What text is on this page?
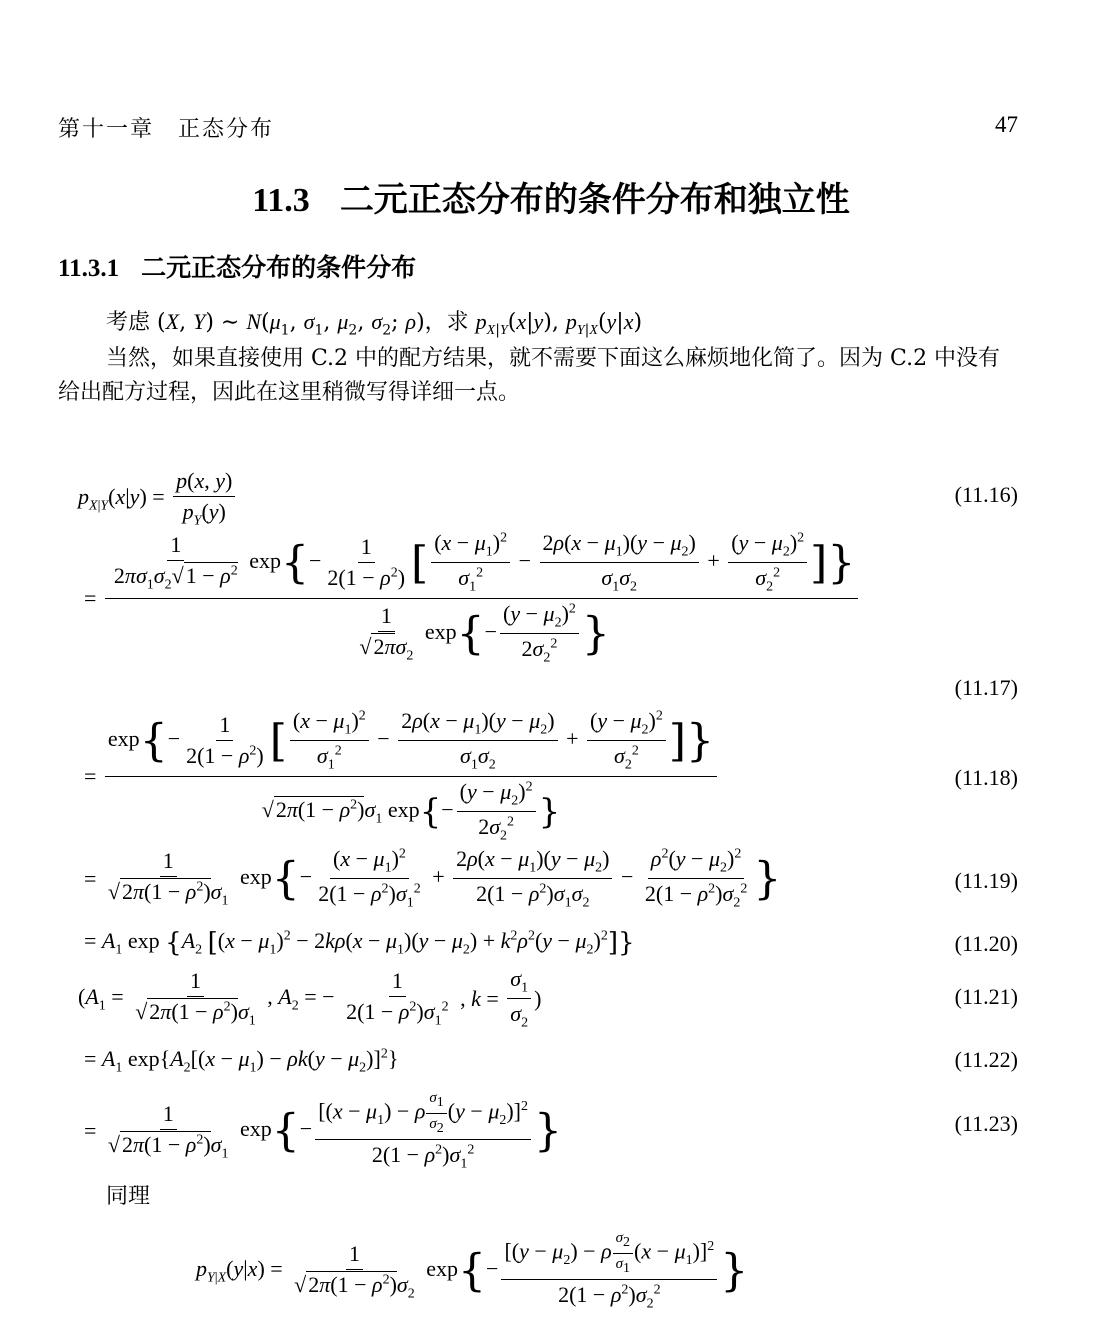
第十一章　正态分布	47
11.3 二元正态分布的条件分布和独立性
11.3.1 二元正态分布的条件分布
考虑 (X, Y) ∼ $N(\mu_1$, $\sigma_1$, $\mu_2$, $\sigma_2$; ρ)，求 $p_{X|Y}(x|y)$, $p_{Y|X}(y|x)$
当然，如果直接使用 C.2 中的配方结果，就不需要下面这么麻烦地化简了。因为 C.2 中没有给出配方过程，因此在这里稍微写得详细一点。
$p_{X|Y}(x|y) = \frac{p(x, y)}{p_Y(y)}$	(11.16)
=
$\frac{1}{2\pi\sigma_1\sigma_2√1 - \rho^2} \exp\{- \frac{1}{2(1 - \rho^2)}$ [ $\frac{(x - \mu_1)^2}{\sigma_1^2} - \frac{2\rho(x - \mu_1)(y - \mu_2)}{\sigma_1\sigma_2} + \frac{(y - \mu_2)^2}{\sigma_2^2}$ ]}
$\frac{1}{√2\pi\sigma_2} \exp\{- \frac{(y - \mu_2)^2}{2\sigma_2^2}$ }
(11.17)
=
$\exp\{- \frac{1}{2(1 - \rho^2)}$ [ $\frac{(x - \mu_1)^2}{\sigma_1^2} - \frac{2\rho(x - \mu_1)(y - \mu_2)}{\sigma_1\sigma_2} + \frac{(y - \mu_2)^2}{\sigma_2^2}$ ]}
$√2\pi(1 - \rho^2)\sigma_1$ $\exp\{- \frac{(y - \mu_2)^2}{2\sigma_2^2}$ }
(11.18)
= $\frac{1}{√2\pi(1 - \rho^2)\sigma_1} \exp\{- \frac{(x - \mu_1)^2}{2(1 - \rho^2)\sigma_1^2} + \frac{2\rho(x - \mu_1)(y - \mu_2)}{2(1 - \rho^2)\sigma_1\sigma_2} - \frac{\rho^2(y - \mu_2)^2}{2(1 - \rho^2)\sigma_2^2}$ }	(11.19)
= $A_1$ $\exp \{A_2$ $[(x - \mu_1)^2 - 2k\rho(x - \mu_1)(y - \mu_2) + k^2\rho^2(y - \mu_2)^2]$}	(11.20)
($A_1 = \frac{1}{√2\pi(1 - \rho^2)\sigma_1}$ , $A_2$ = − $\frac{1}{2(1 - \rho^2)\sigma_1^2}$ , $k = \frac{\sigma_1}{\sigma_2}$ )	(11.21)
= $A_1$ $\exp\{A_2[(x - \mu_1) - \rho k(y - \mu_2)]^2\}$	(11.22)
= $\frac{1}{√2\pi(1 - \rho^2)\sigma_1} \exp\{- \frac{[(x - \mu_1) - \rho \frac{\sigma_1}{\sigma_2} (y - \mu_2)]^2}{2(1 - \rho^2)\sigma_1^2}$ }	(11.23)
同理
$p_{Y|X}(y|x) = \frac{1}{√2\pi(1 - \rho^2)\sigma_2} \exp\{- \frac{[(y - \mu_2) - \rho \frac{\sigma_2}{\sigma_1} (x - \mu_1)]^2}{2(1 - \rho^2)\sigma_2^2}$ }
